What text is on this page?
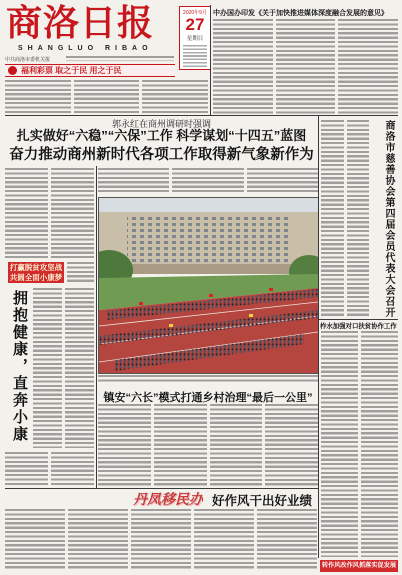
商洛日报
SHANGLUO RIBAO
中共商洛市委机关报
福利彩票 取之于民 用之于民
2020年9月
27
星期日
中办国办印发《关于加快推进媒体深度融合发展的意见》
郭永红在商州调研时强调
扎实做好“六稳”“六保”工作 科学谋划“十四五”蓝图
奋力推动商州新时代各项工作取得新气象新作为
打赢脱贫攻坚战
共圆全面小康梦
拥抱健康，直奔小康	镇安“六长”模式打通乡村治理“最后一公里”
丹凤移民办 好作风干出好业绩
商洛市慈善协会第四届会员代表大会召开
柞水加强对口扶贫协作工作
转作风改作风抓落实促发展
